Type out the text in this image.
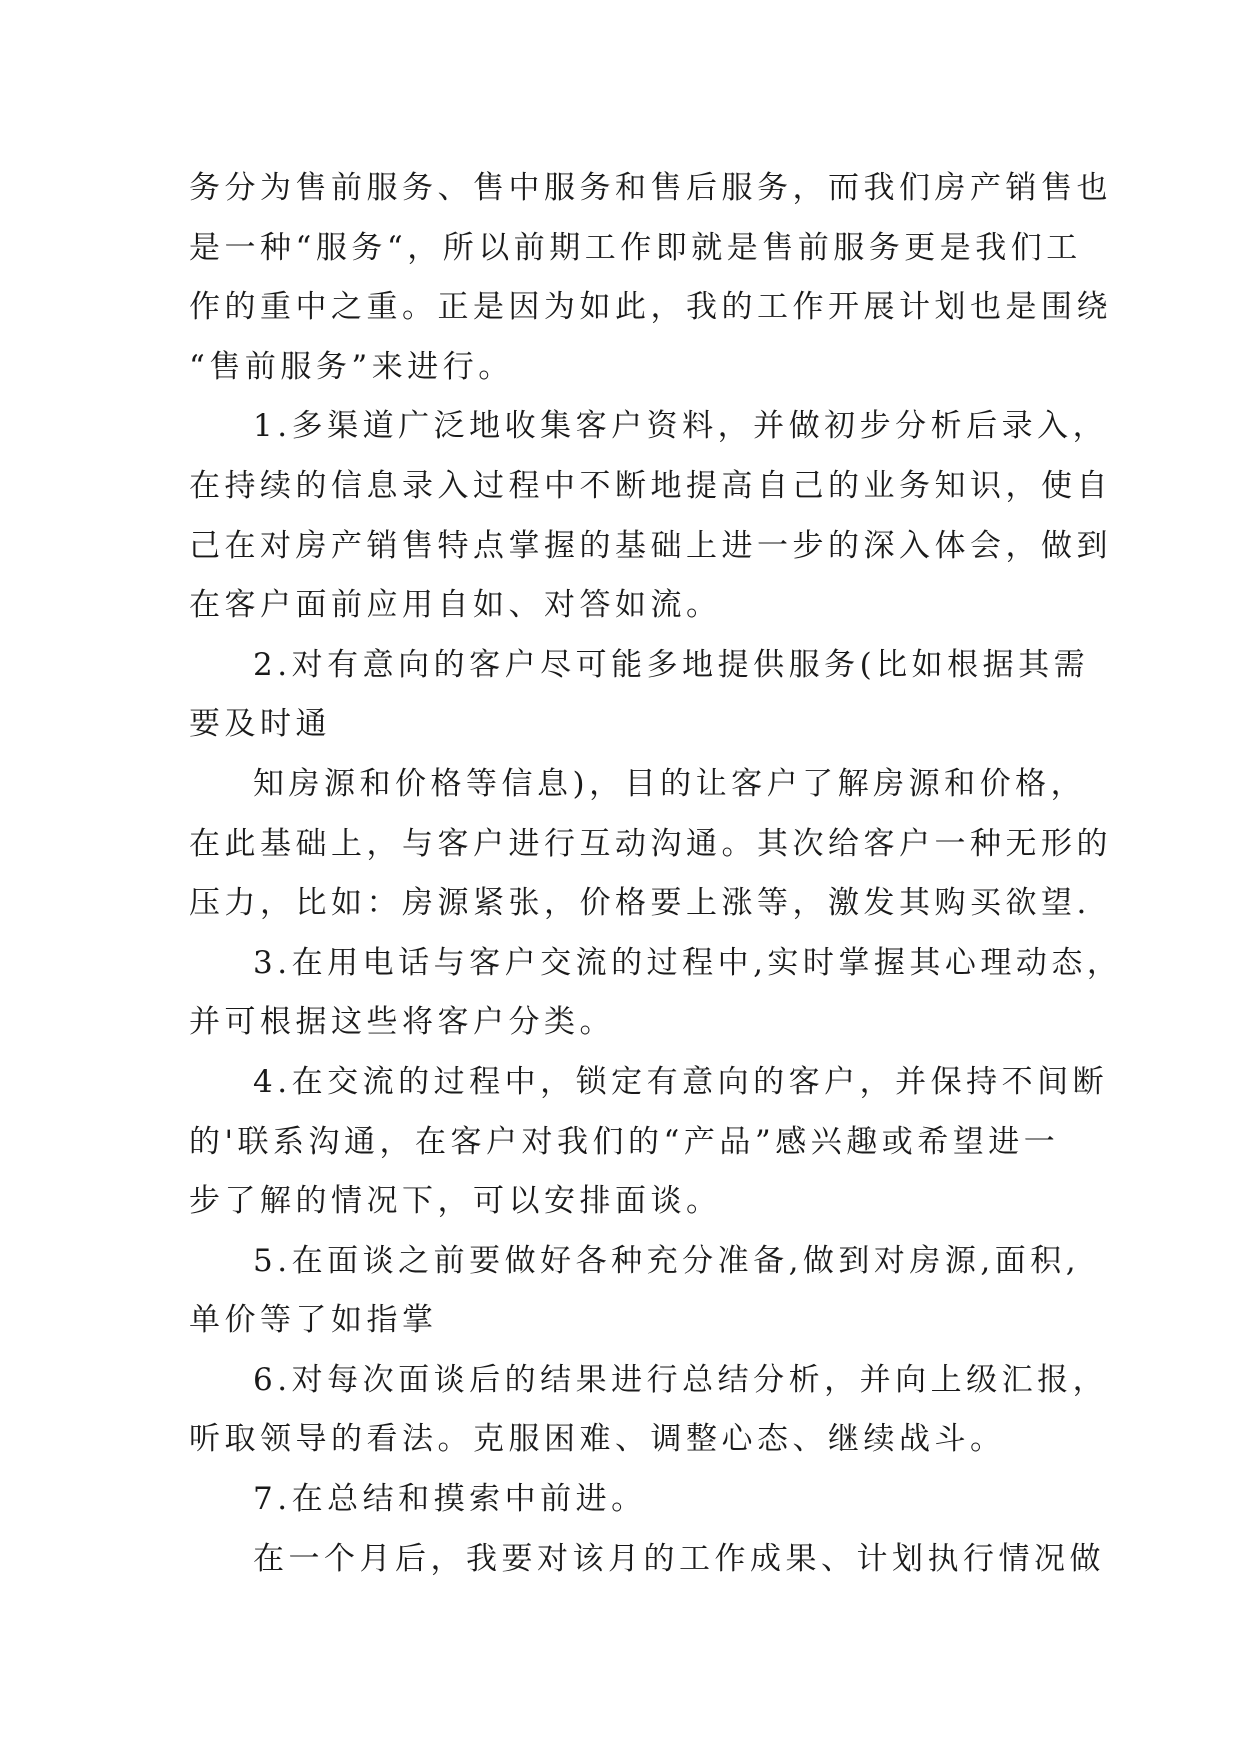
务分为售前服务、售中服务和售后服务，而我们房产销售也
是一种“服务“，所以前期工作即就是售前服务更是我们工
作的重中之重。正是因为如此，我的工作开展计划也是围绕
“售前服务”来进行。
1.多渠道广泛地收集客户资料，并做初步分析后录入，
在持续的信息录入过程中不断地提高自己的业务知识，使自
己在对房产销售特点掌握的基础上进一步的深入体会，做到
在客户面前应用自如、对答如流。
2.对有意向的客户尽可能多地提供服务(比如根据其需
要及时通
知房源和价格等信息)，目的让客户了解房源和价格，
在此基础上，与客户进行互动沟通。其次给客户一种无形的
压力，比如：房源紧张，价格要上涨等，激发其购买欲望.
3.在用电话与客户交流的过程中,实时掌握其心理动态，
并可根据这些将客户分类。
4.在交流的过程中，锁定有意向的客户，并保持不间断
的'联系沟通，在客户对我们的“产品”感兴趣或希望进一
步了解的情况下，可以安排面谈。
5.在面谈之前要做好各种充分准备,做到对房源,面积,
单价等了如指掌
6.对每次面谈后的结果进行总结分析，并向上级汇报，
听取领导的看法。克服困难、调整心态、继续战斗。
7.在总结和摸索中前进。
在一个月后，我要对该月的工作成果、计划执行情况做
